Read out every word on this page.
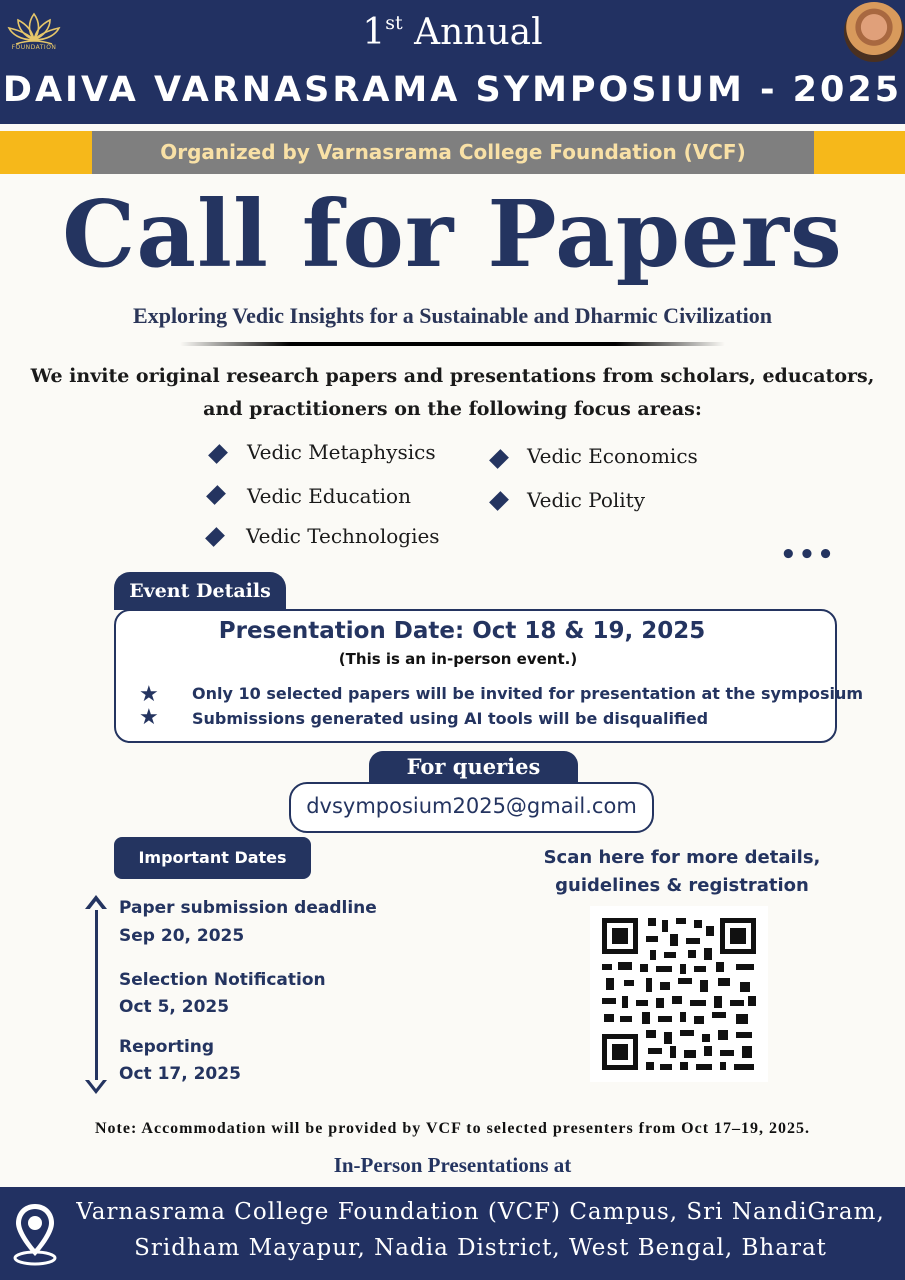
FOUNDATION	1st Annual
DAIVA VARNASRAMA SYMPOSIUM - 2025
Organized by Varnasrama College Foundation (VCF)
Call for Papers
Exploring Vedic Insights for a Sustainable and Dharmic Civilization
We invite original research papers and presentations from scholars, educators,
and practitioners on the following focus areas:
Vedic Metaphysics
Vedic Education
Vedic Technologies
Vedic Economics
Vedic Polity
•••
Event Details
Presentation Date: Oct 18 & 19, 2025
(This is an in-person event.)
★ Only 10 selected papers will be invited for presentation at the symposium
★ Submissions generated using AI tools will be disqualified
For queries
dvsymposium2025@gmail.com
Important Dates
Paper submission deadline
Sep 20, 2025
Selection Notification
Oct 5, 2025
Reporting
Oct 17, 2025
Scan here for more details,
guidelines & registration
Note: Accommodation will be provided by VCF to selected presenters from Oct 17–19, 2025.
In-Person Presentations at
Varnasrama College Foundation (VCF) Campus, Sri NandiGram,
Sridham Mayapur, Nadia District, West Bengal, Bharat
